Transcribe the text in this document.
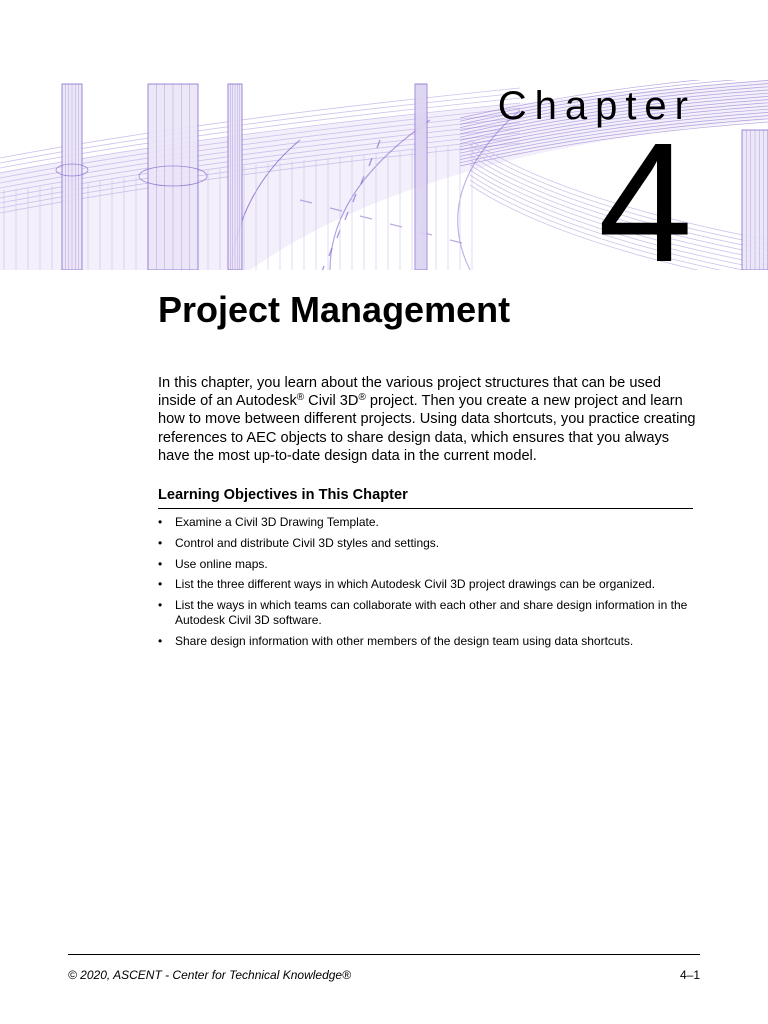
Chapter
4
Project Management

In this chapter, you learn about the various project structures that can be used inside of an Autodesk® Civil 3D® project. Then you create a new project and learn how to move between different projects. Using data shortcuts, you practice creating references to AEC objects to share design data, which ensures that you always have the most up-to-date design data in the current model.

Learning Objectives in This Chapter
• Examine a Civil 3D Drawing Template.
• Control and distribute Civil 3D styles and settings.
• Use online maps.
• List the three different ways in which Autodesk Civil 3D project drawings can be organized.
• List the ways in which teams can collaborate with each other and share design information in the Autodesk Civil 3D software.
• Share design information with other members of the design team using data shortcuts.
© 2020, ASCENT - Center for Technical Knowledge®	4–1
